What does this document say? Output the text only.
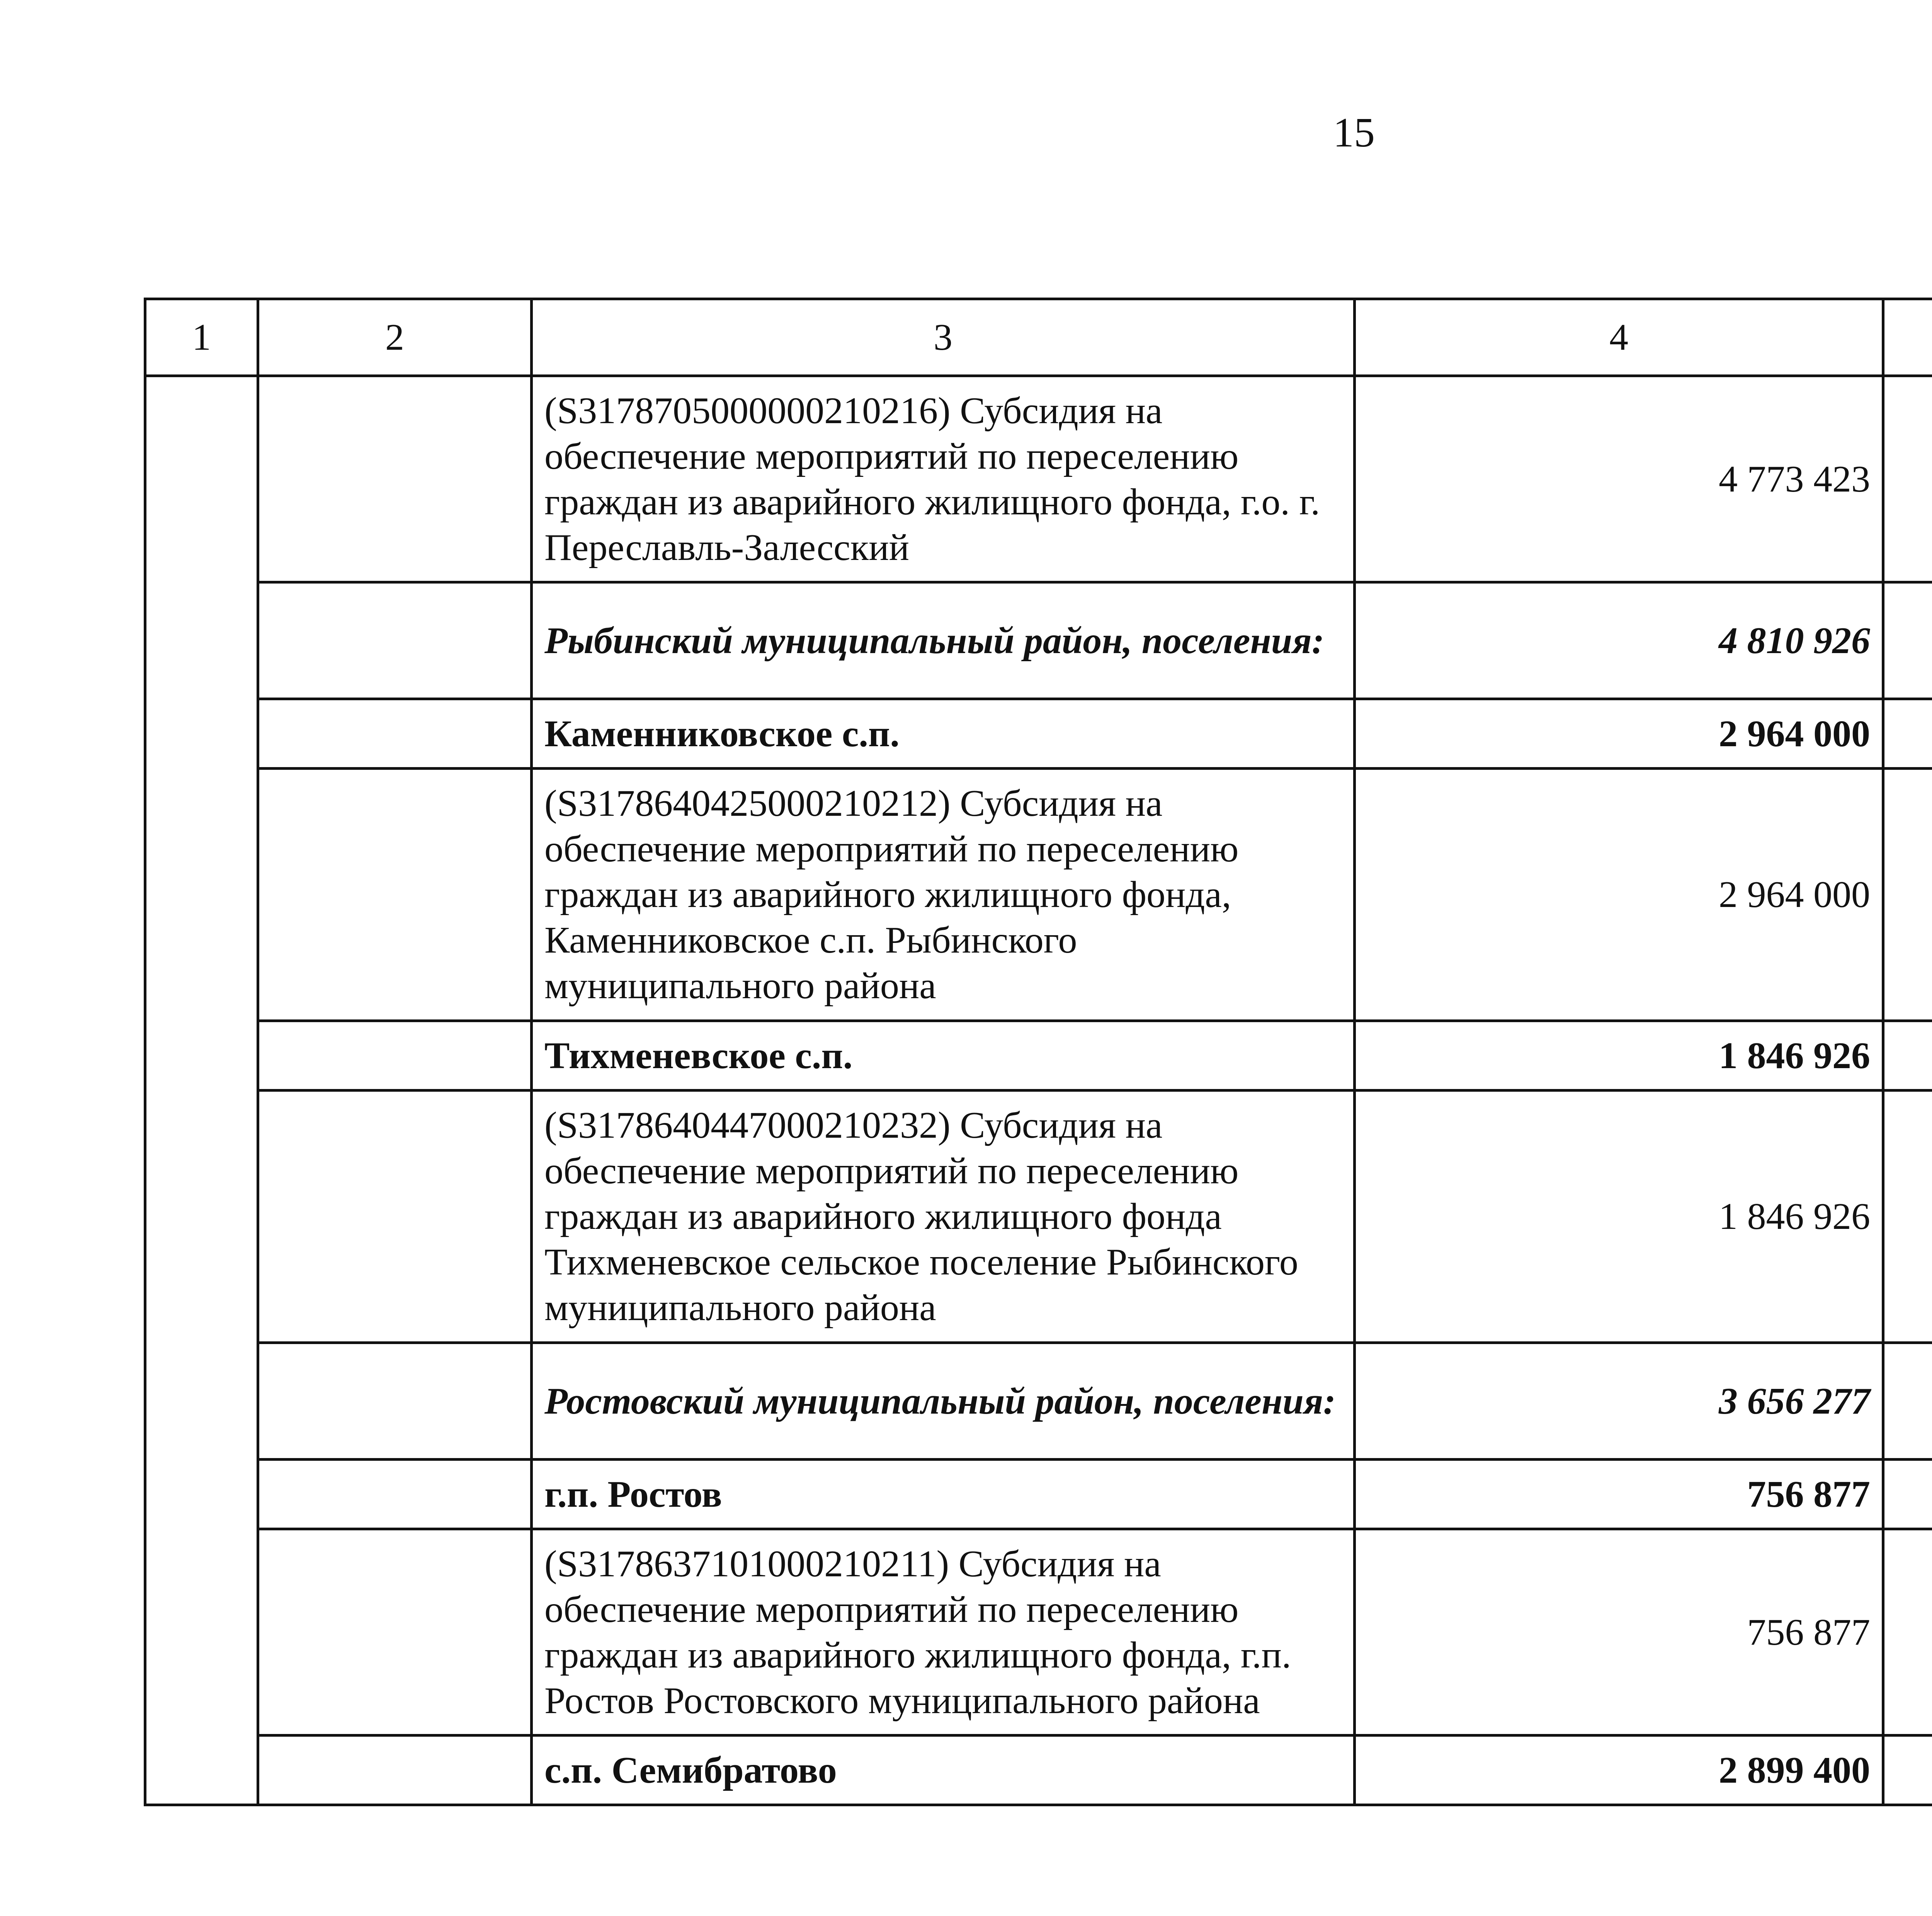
15
1	2	3	4			
		(S3178705000000210216) Субсидия на обеспечение мероприятий по переселению граждан из аварийного жилищного фонда, г.о. г. Переславль-Залесский	4 773 423			
		Рыбинский муниципальный район, поселения:	4 810 926			
		Каменниковское с.п.	2 964 000			
		(S3178640425000210212) Субсидия на обеспечение мероприятий по переселению граждан из аварийного жилищного фонда, Каменниковское с.п. Рыбинского муниципального района	2 964 000			
		Тихменевское с.п.	1 846 926			
		(S3178640447000210232) Субсидия на обеспечение мероприятий по переселению граждан из аварийного жилищного фонда Тихменевское сельское поселение Рыбинского муниципального района	1 846 926			
		Ростовский муниципальный район, поселения:	3 656 277			
		г.п. Ростов	756 877			
		(S3178637101000210211) Субсидия на обеспечение мероприятий по переселению граждан из аварийного жилищного фонда, г.п. Ростов Ростовского муниципального района	756 877			
		с.п. Семибратово	2 899 400			
